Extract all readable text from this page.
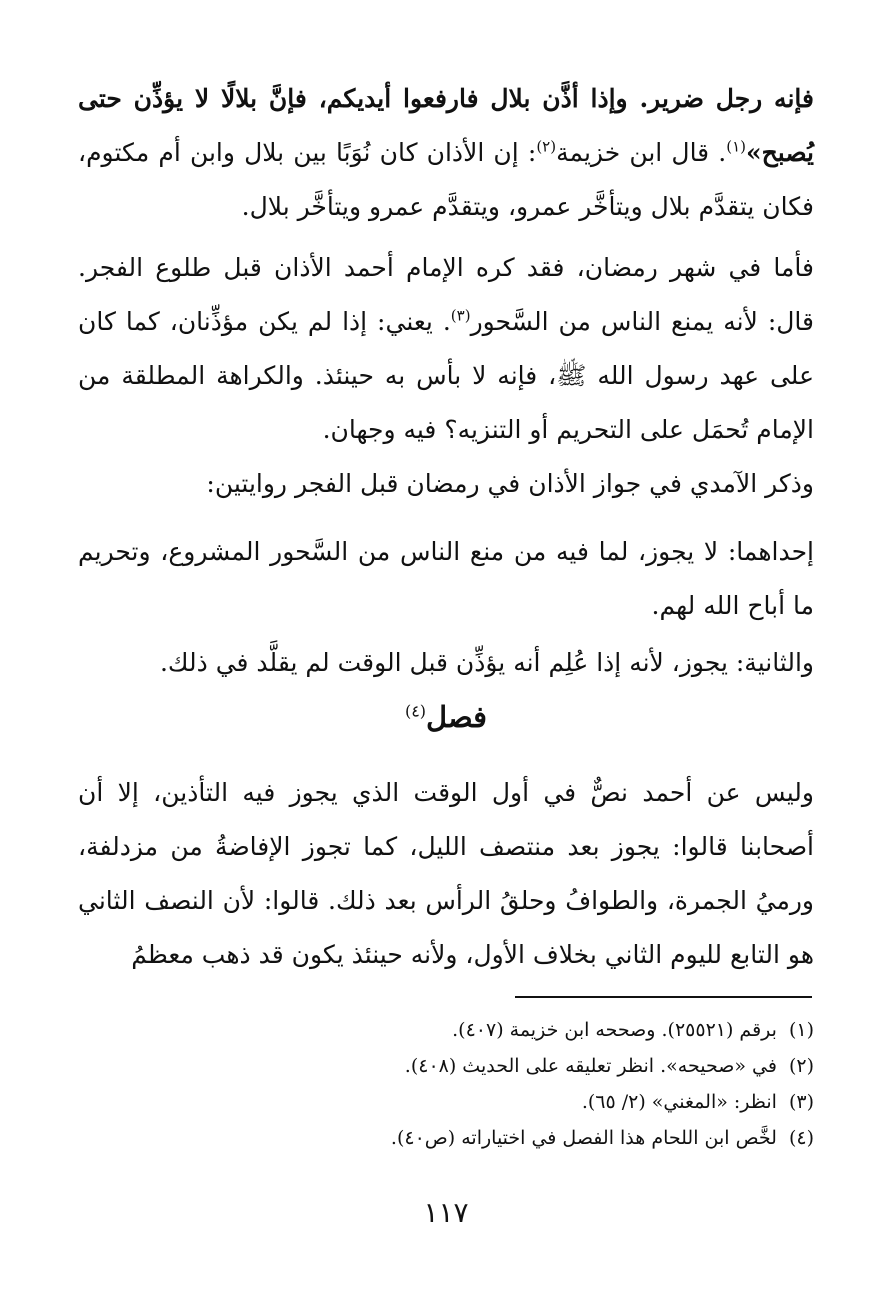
فإنه رجل ضرير. وإذا أذَّن بلال فارفعوا أيديكم، فإنَّ بلالًا لا يؤذِّن حتى يُصبح»$^{(١)}$. قال ابن خزيمة$^{(٢)}$: إن الأذان كان نُوَبًا بين بلال وابن أم مكتوم، فكان يتقدَّم بلال ويتأخَّر عمرو، ويتقدَّم عمرو ويتأخَّر بلال.
فأما في شهر رمضان، فقد كره الإمام أحمد الأذان قبل طلوع الفجر. قال: لأنه يمنع الناس من السَّحور$^{(٣)}$. يعني: إذا لم يكن مؤذِّنان، كما كان على عهد رسول الله ﷺ، فإنه لا بأس به حينئذ. والكراهة المطلقة من الإمام تُحمَل على التحريم أو التنزيه؟ فيه وجهان.
وذكر الآمدي في جواز الأذان في رمضان قبل الفجر روايتين:
إحداهما: لا يجوز، لما فيه من منع الناس من السَّحور المشروع، وتحريم ما أباح الله لهم.
والثانية: يجوز، لأنه إذا عُلِم أنه يؤذِّن قبل الوقت لم يقلَّد في ذلك.
فصل$^{(٤)}$
وليس عن أحمد نصٌّ في أول الوقت الذي يجوز فيه التأذين، إلا أن أصحابنا قالوا: يجوز بعد منتصف الليل، كما تجوز الإفاضةُ من مزدلفة، ورميُ الجمرة، والطوافُ وحلقُ الرأس بعد ذلك. قالوا: لأن النصف الثاني هو التابع لليوم الثاني بخلاف الأول، ولأنه حينئذ يكون قد ذهب معظمُ
(١)برقم (٢٥٥٢١). وصححه ابن خزيمة (٤٠٧).
(٢)في «صحيحه». انظر تعليقه على الحديث (٤٠٨).
(٣)انظر: «المغني» (٢/ ٦٥).
(٤)لخَّص ابن اللحام هذا الفصل في اختياراته (ص٤٠).
١١٧
